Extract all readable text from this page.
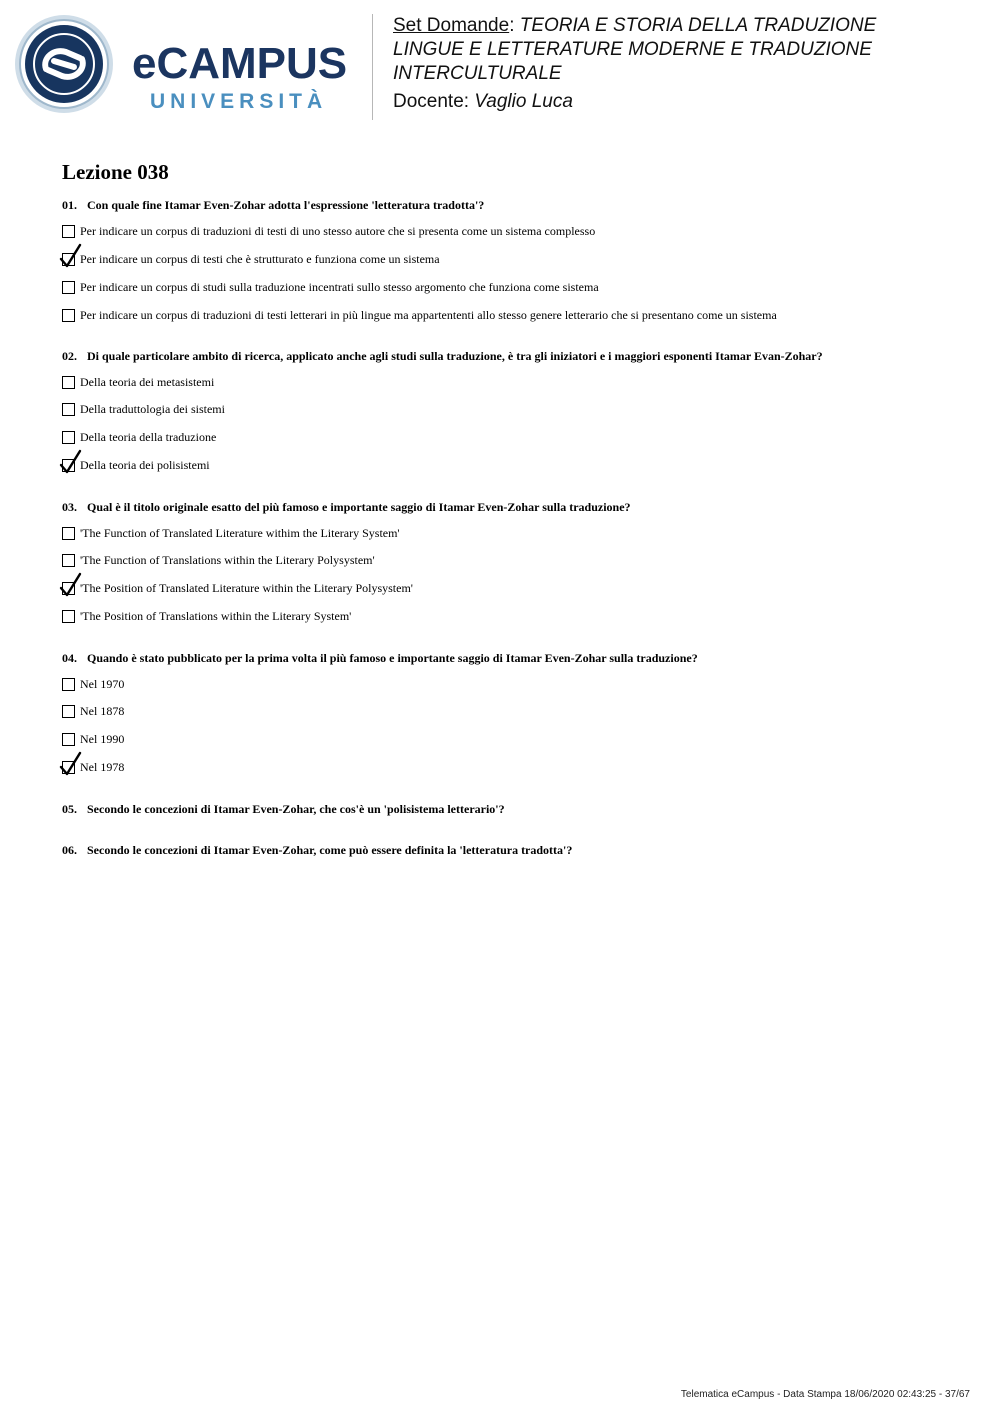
eCAMPUS
UNIVERSITÀ
Set Domande: TEORIA E STORIA DELLA TRADUZIONE
LINGUE E LETTERATURE MODERNE E TRADUZIONE
INTERCULTURALE
Docente: Vaglio Luca
Lezione 038
01. Con quale fine Itamar Even-Zohar adotta l'espressione 'letteratura tradotta'?
Per indicare un corpus di traduzioni di testi di uno stesso autore che si presenta come un sistema complesso
Per indicare un corpus di testi che è strutturato e funziona come un sistema
Per indicare un corpus di studi sulla traduzione incentrati sullo stesso argomento che funziona come sistema
Per indicare un corpus di traduzioni di testi letterari in più lingue ma appartententi allo stesso genere letterario che si presentano come un sistema
02. Di quale particolare ambito di ricerca, applicato anche agli studi sulla traduzione, è tra gli iniziatori e i maggiori esponenti Itamar Evan-Zohar?
Della teoria dei metasistemi
Della traduttologia dei sistemi
Della teoria della traduzione
Della teoria dei polisistemi
03. Qual è il titolo originale esatto del più famoso e importante saggio di Itamar Even-Zohar sulla traduzione?
'The Function of Translated Literature withim the Literary System'
'The Function of Translations within the Literary Polysystem'
'The Position of Translated Literature within the Literary Polysystem'
'The Position of Translations within the Literary System'
04. Quando è stato pubblicato per la prima volta il più famoso e importante saggio di Itamar Even-Zohar sulla traduzione?
Nel 1970
Nel 1878
Nel 1990
Nel 1978
05. Secondo le concezioni di Itamar Even-Zohar, che cos'è un 'polisistema letterario'?
06. Secondo le concezioni di Itamar Even-Zohar, come può essere definita la 'letteratura tradotta'?
Telematica eCampus - Data Stampa 18/06/2020 02:43:25 - 37/67
